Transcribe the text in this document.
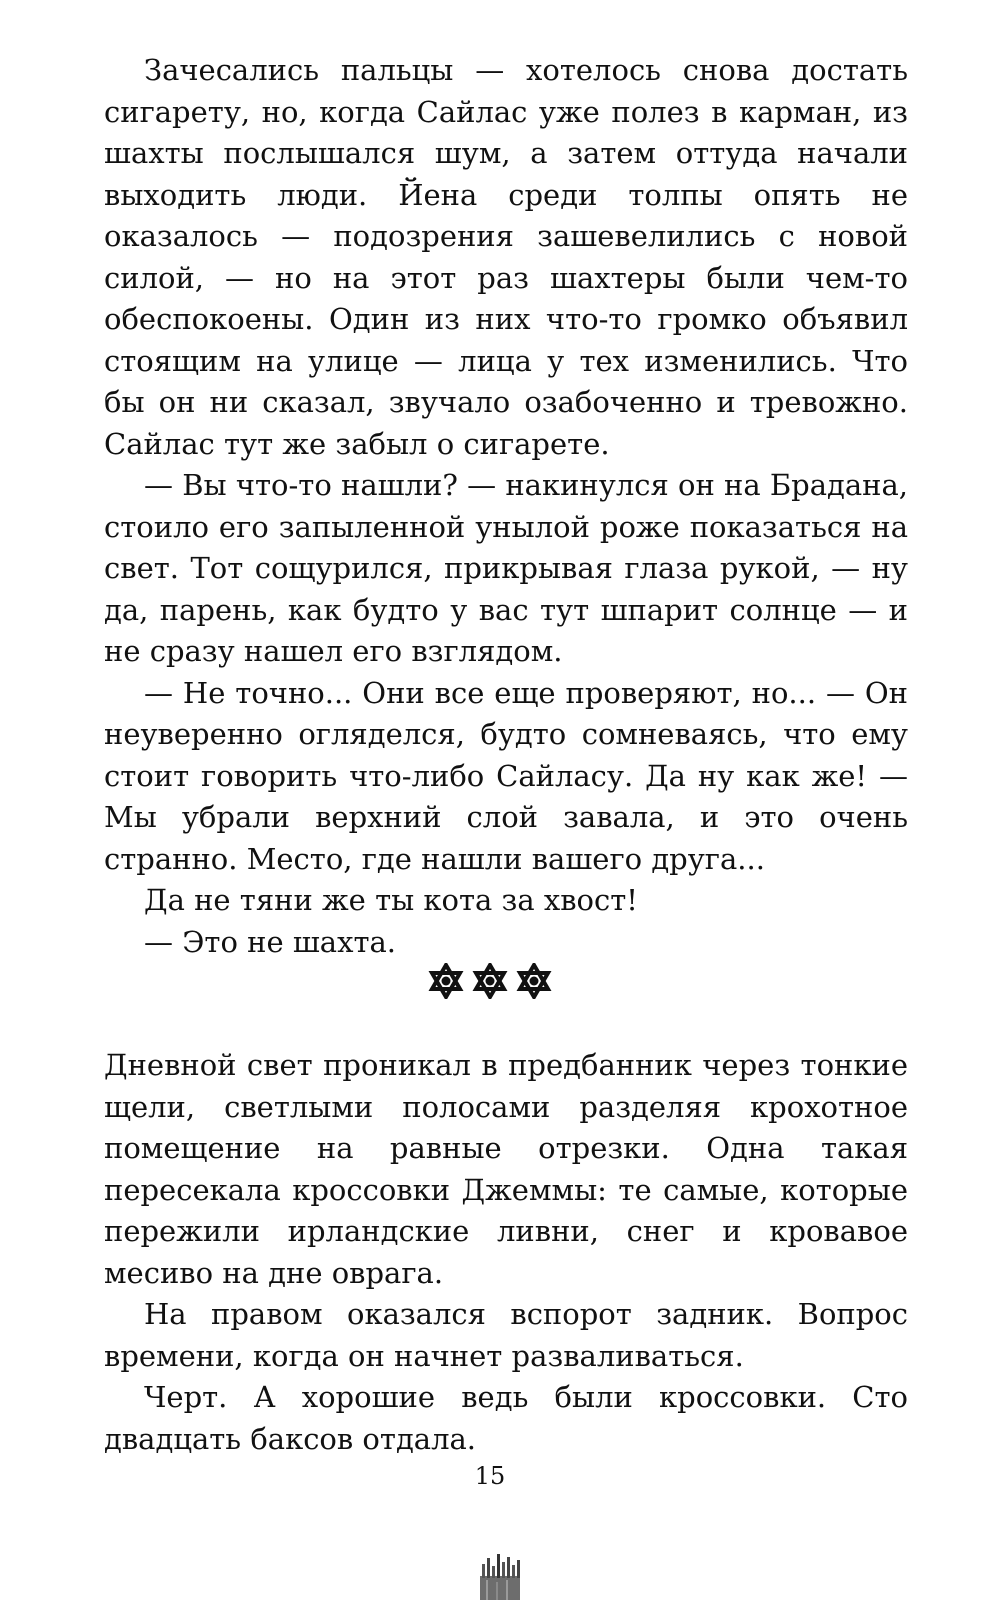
Зачесались пальцы — хотелось снова достать сигарету, но, когда Сайлас уже полез в карман, из шахты послышался шум, а затем оттуда начали выходить люди. Йена среди толпы опять не оказалось — подозрения зашевелились с новой силой, — но на этот раз шахтеры были чем-то обеспокоены. Один из них что-то громко объявил стоящим на улице — лица у тех изменились. Что бы он ни сказал, звучало озабоченно и тревожно. Сайлас тут же забыл о сигарете.

— Вы что-то нашли? — накинулся он на Брадана, стоило его запыленной унылой роже показаться на свет. Тот сощурился, прикрывая глаза рукой, — ну да, парень, как будто у вас тут шпарит солнце — и не сразу нашел его взглядом.

— Не точно... Они все еще проверяют, но... — Он неуверенно огляделся, будто сомневаясь, что ему стоит говорить что-либо Сайласу. Да ну как же! — Мы убрали верхний слой завала, и это очень странно. Место, где нашли вашего друга...

Да не тяни же ты кота за хвост!

— Это не шахта.

Дневной свет проникал в предбанник через тонкие щели, светлыми полосами разделяя крохотное помещение на равные отрезки. Одна такая пересекала кроссовки Джеммы: те самые, которые пережили ирландские ливни, снег и кровавое месиво на дне оврага.

На правом оказался вспорот задник. Вопрос времени, когда он начнет разваливаться.

Черт. А хорошие ведь были кроссовки. Сто двадцать баксов отдала.

15
